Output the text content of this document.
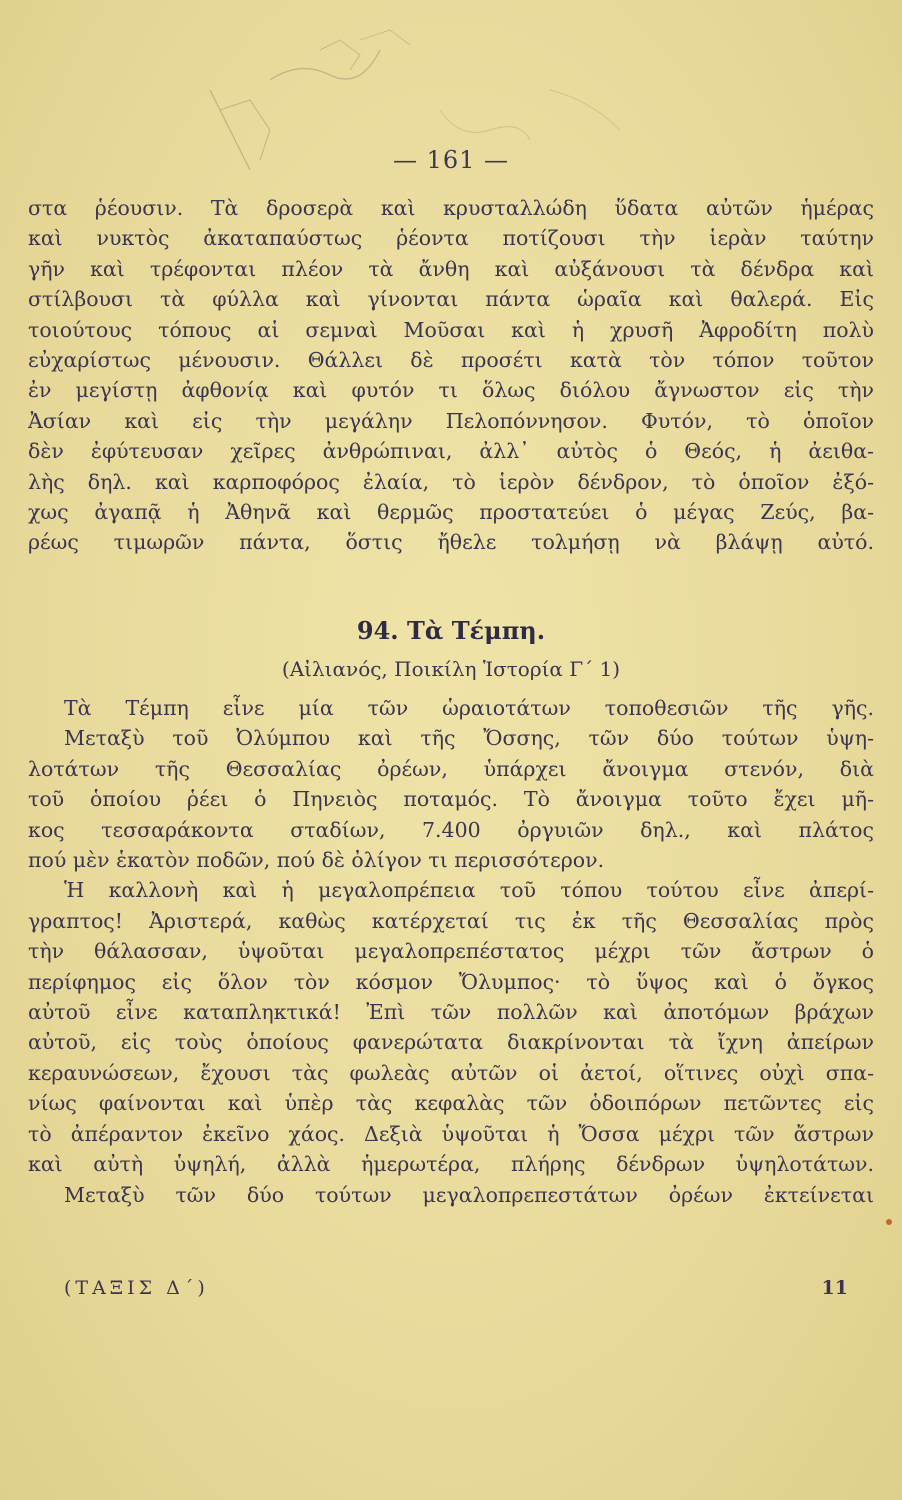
— 161 —
στα ῥέουσιν. Τὰ δροσερὰ καὶ κρυσταλλώδη ὕδατα αὐτῶν ἡμέρας
καὶ νυκτὸς ἀκαταπαύστως ῥέοντα ποτίζουσι τὴν ἱερὰν ταύτην
γῆν καὶ τρέφονται πλέον τὰ ἄνθη καὶ αὐξάνουσι τὰ δένδρα καὶ
στίλβουσι τὰ φύλλα καὶ γίνονται πάντα ὡραῖα καὶ θαλερά. Εἰς
τοιούτους τόπους αἱ σεμναὶ Μοῦσαι καὶ ἡ χρυσῆ Ἀφροδίτη πολὺ
εὐχαρίστως μένουσιν. Θάλλει δὲ προσέτι κατὰ τὸν τόπον τοῦτον
ἐν μεγίστῃ ἀφθονίᾳ καὶ φυτόν τι ὅλως διόλου ἄγνωστον εἰς τὴν
Ἀσίαν καὶ εἰς τὴν μεγάλην Πελοπόννησον. Φυτόν, τὸ ὁποῖον
δὲν ἐφύτευσαν χεῖρες ἀνθρώπιναι, ἀλλ᾽ αὐτὸς ὁ Θεός, ἡ ἀειθα-
λὴς δηλ. καὶ καρποφόρος ἐλαία, τὸ ἱερὸν δένδρον, τὸ ὁποῖον ἐξό-
χως ἀγαπᾷ ἡ Ἀθηνᾶ καὶ θερμῶς προστατεύει ὁ μέγας Ζεύς, βα-
ρέως τιμωρῶν πάντα, ὅστις ἤθελε τολμήσῃ νὰ βλάψῃ αὐτό.
94. Τὰ Τέμπη.
(Αἰλιανός, Ποικίλη Ἱστορία Γ΄ 1)
Τὰ Τέμπη εἶνε μία τῶν ὡραιοτάτων τοποθεσιῶν τῆς γῆς.
Μεταξὺ τοῦ Ὀλύμπου καὶ τῆς Ὄσσης, τῶν δύο τούτων ὑψη-
λοτάτων τῆς Θεσσαλίας ὀρέων, ὑπάρχει ἄνοιγμα στενόν, διὰ
τοῦ ὁποίου ῥέει ὁ Πηνειὸς ποταμός. Τὸ ἄνοιγμα τοῦτο ἔχει μῆ-
κος τεσσαράκοντα σταδίων, 7.400 ὀργυιῶν δηλ., καὶ πλάτος
πού μὲν ἑκατὸν ποδῶν, πού δὲ ὀλίγον τι περισσότερον.
Ἡ καλλονὴ καὶ ἡ μεγαλοπρέπεια τοῦ τόπου τούτου εἶνε ἀπερί-
γραπτος! Ἀριστερά, καθὼς κατέρχεταί τις ἐκ τῆς Θεσσαλίας πρὸς
τὴν θάλασσαν, ὑψοῦται μεγαλοπρεπέστατος μέχρι τῶν ἄστρων ὁ
περίφημος εἰς ὅλον τὸν κόσμον Ὄλυμπος· τὸ ὕψος καὶ ὁ ὄγκος
αὐτοῦ εἶνε καταπληκτικά! Ἐπὶ τῶν πολλῶν καὶ ἀποτόμων βράχων
αὐτοῦ, εἰς τοὺς ὁποίους φανερώτατα διακρίνονται τὰ ἴχνη ἀπείρων
κεραυνώσεων, ἔχουσι τὰς φωλεὰς αὐτῶν οἱ ἀετοί, οἵτινες οὐχὶ σπα-
νίως φαίνονται καὶ ὑπὲρ τὰς κεφαλὰς τῶν ὁδοιπόρων πετῶντες εἰς
τὸ ἀπέραντον ἐκεῖνο χάος. Δεξιὰ ὑψοῦται ἡ Ὄσσα μέχρι τῶν ἄστρων
καὶ αὐτὴ ὑψηλή, ἀλλὰ ἡμερωτέρα, πλήρης δένδρων ὑψηλοτάτων.
Μεταξὺ τῶν δύο τούτων μεγαλοπρεπεστάτων ὀρέων ἐκτείνεται
(ΤΑΞΙΣ Δ΄)	11
